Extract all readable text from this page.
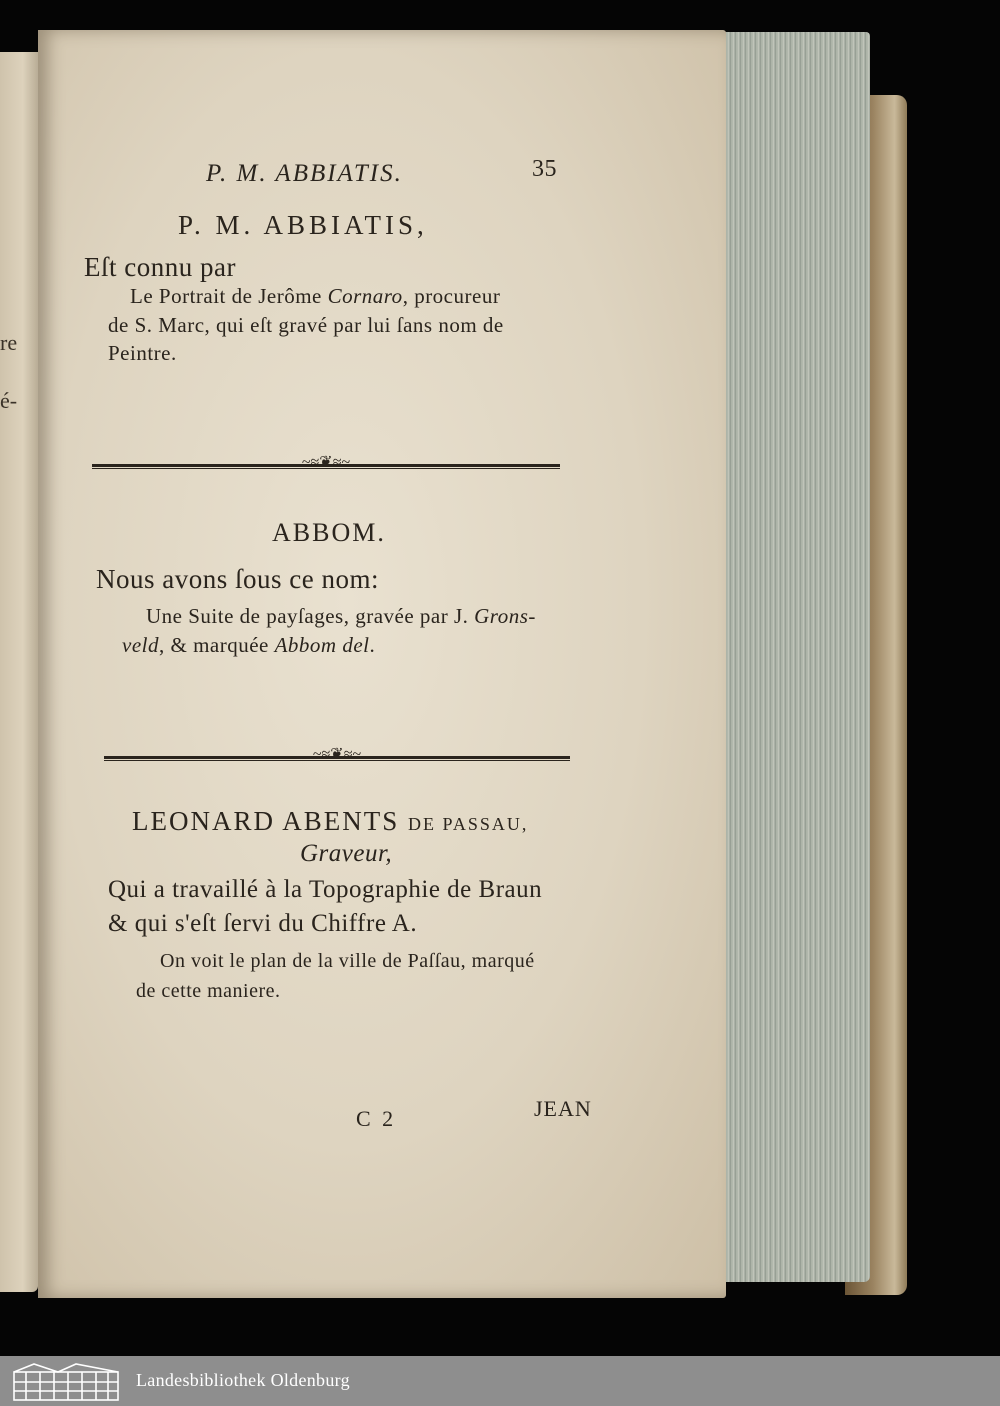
re
é-
P. M. ABBIATIS.	35
P. M. ABBIATIS,
Eſt connu par
Le Portrait de Jerôme Cornaro, procureur
de S. Marc, qui eſt gravé par lui ſans nom de
Peintre.
~≈❦≈~
ABBOM.
Nous avons ſous ce nom:
Une Suite de payſages, gravée par J. Grons-
veld, & marquée Abbom del.
~≈❦≈~
LEONARD ABENTS DE PASSAU,
Graveur,
Qui a travaillé à la Topographie de Braun
& qui s'eſt ſervi du Chiffre A.
On voit le plan de la ville de Paſſau, marqué
de cette maniere.
C 2	JEAN
Landesbibliothek Oldenburg
